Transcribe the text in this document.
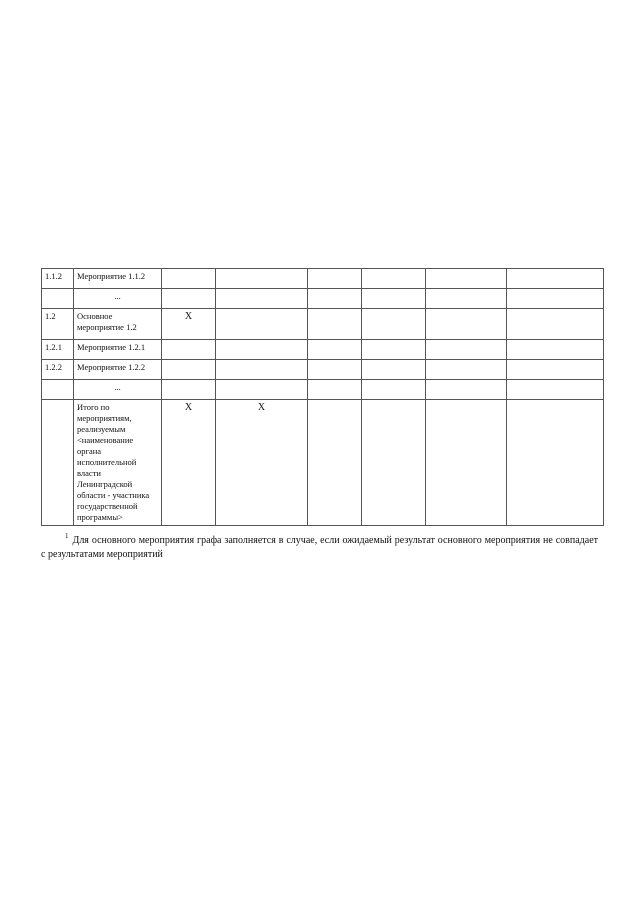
1.1.2	Мероприятие 1.1.2						
	...						
1.2	Основное мероприятие 1.2	X					
1.2.1	Мероприятие 1.2.1						
1.2.2	Мероприятие 1.2.2						
	...						
	Итого по мероприятиям, реализуемым <наименование органа исполнительной власти Ленинградской области - участника государственной программы>	X	X				

$^1$ Для основного мероприятия графа заполняется в случае, если ожидаемый результат основного мероприятия не совпадает с результатами мероприятий
